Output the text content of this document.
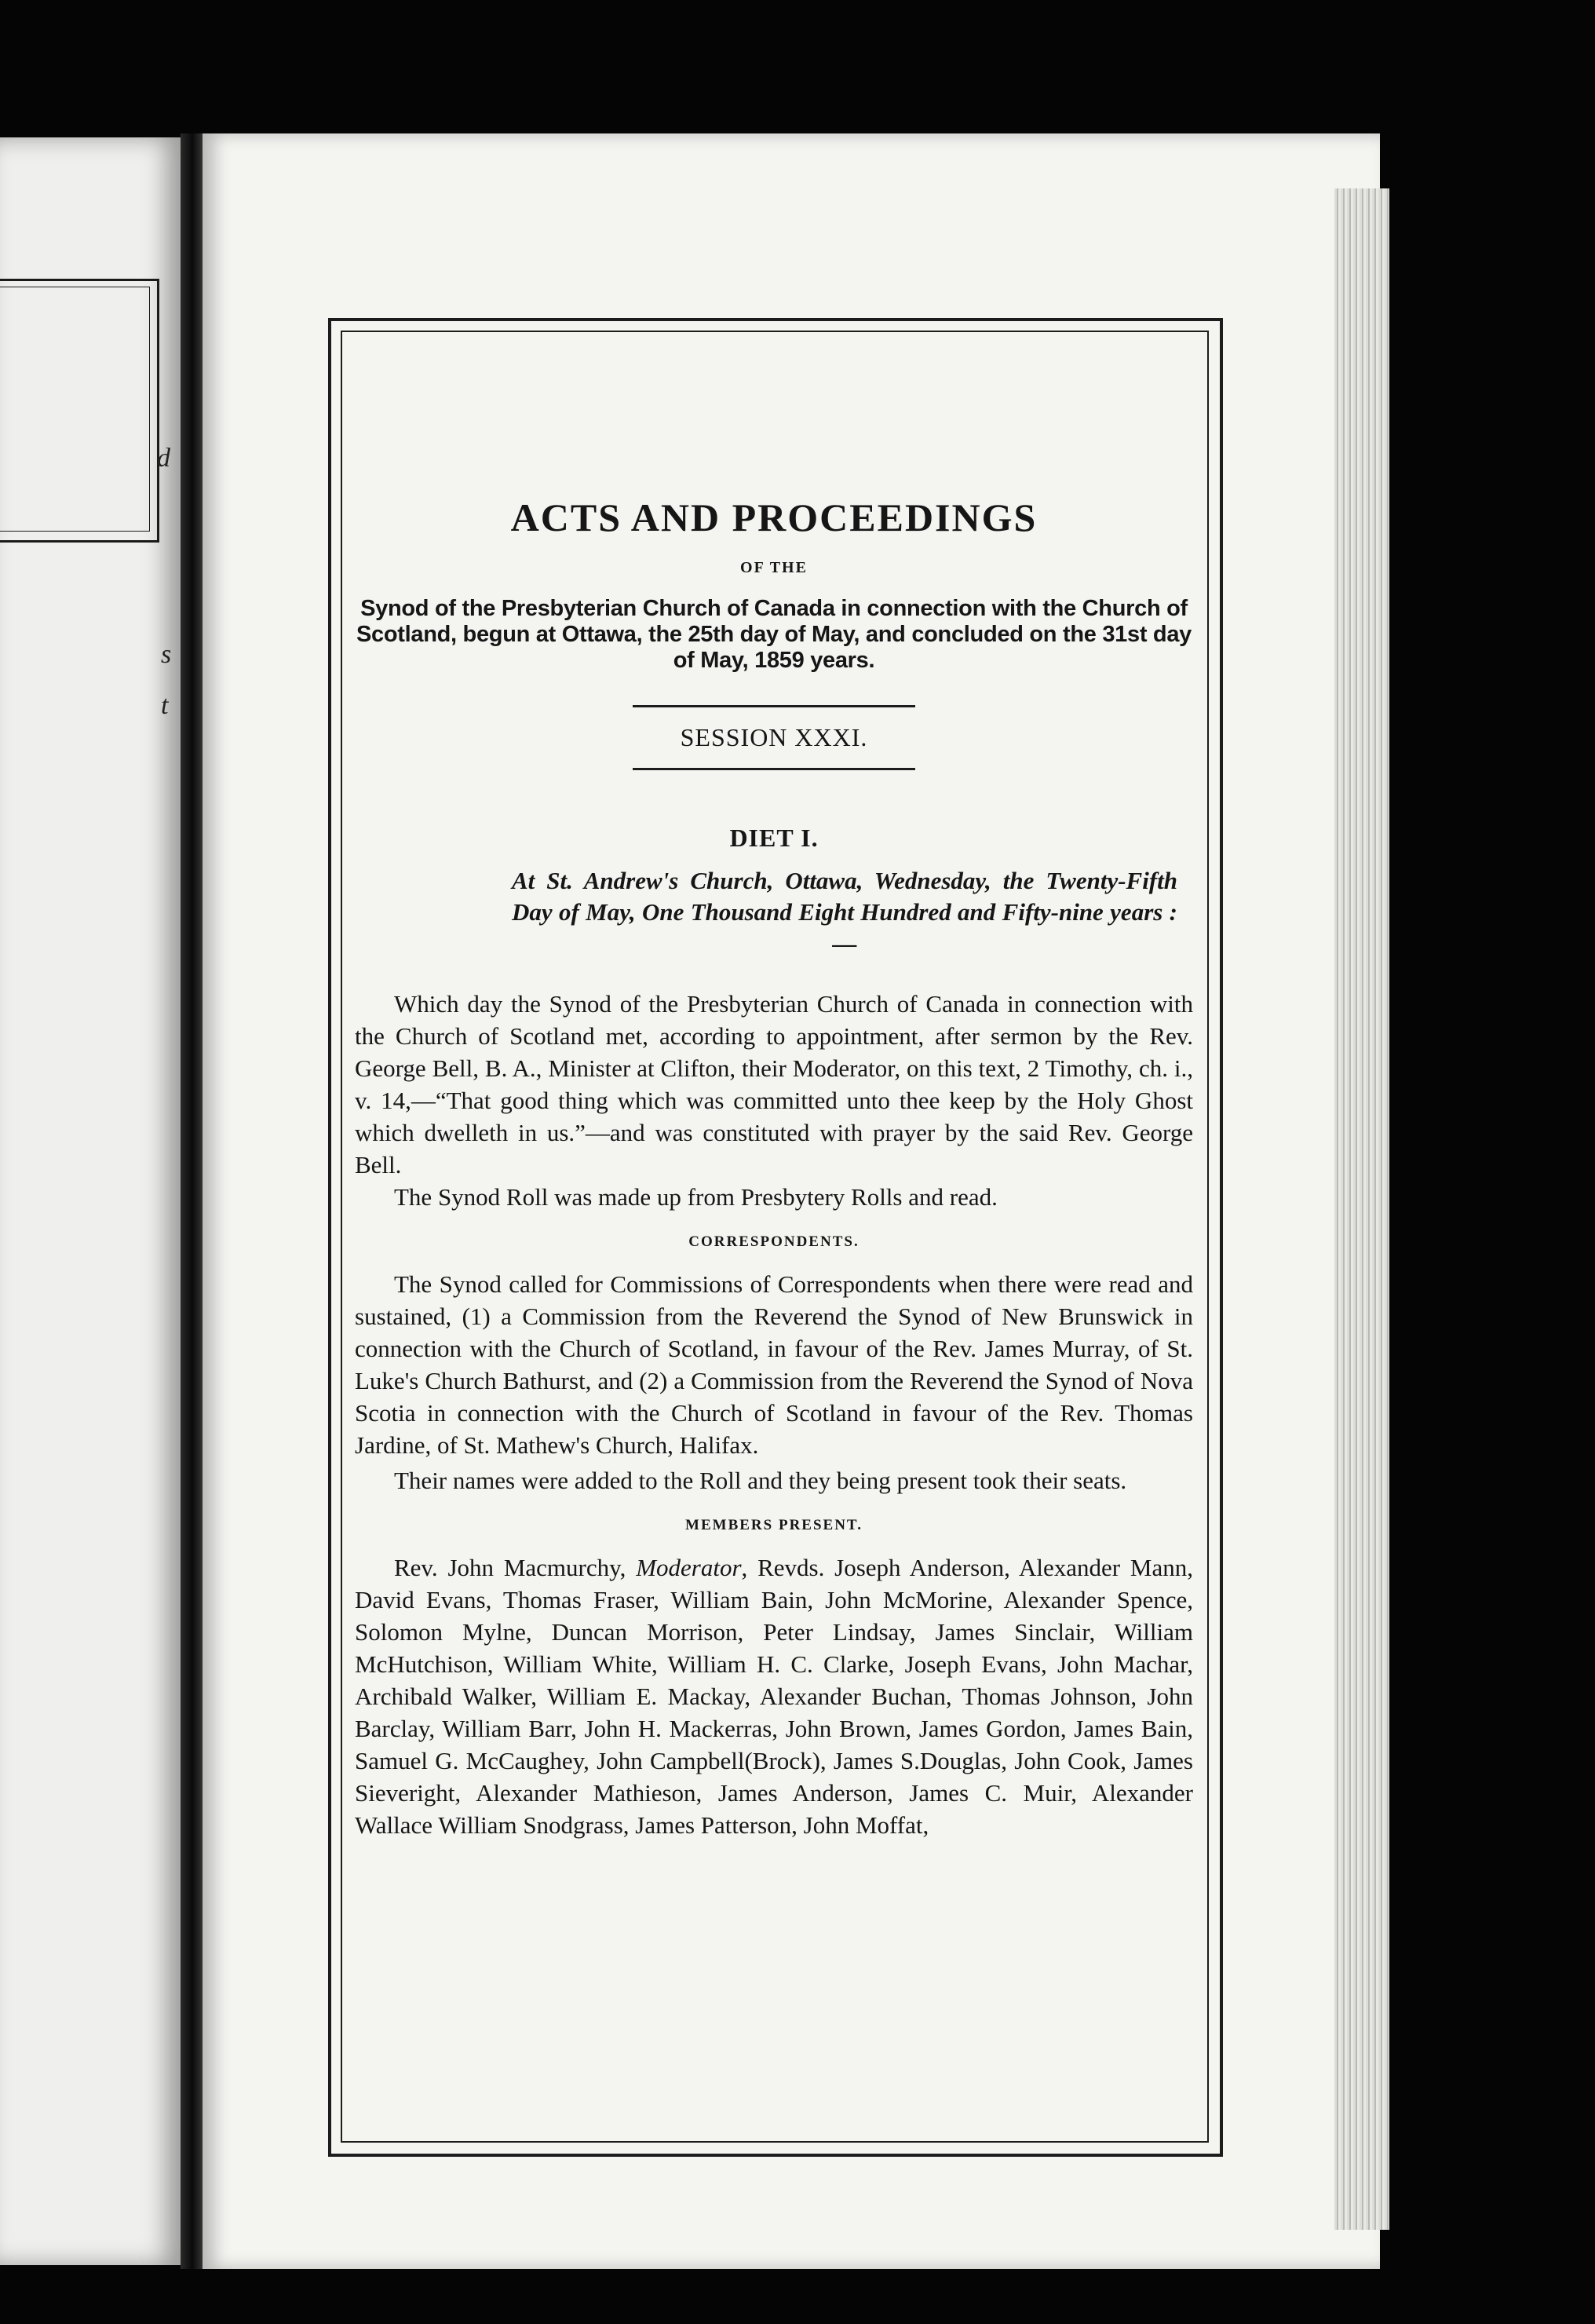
d
s
t
ACTS AND PROCEEDINGS
OF THE
Synod of the Presbyterian Church of Canada in connection with the Church of Scotland, begun at Ottawa, the 25th day of May, and concluded on the 31st day of May, 1859 years.
SESSION XXXI.
DIET I.
At St. Andrew's Church, Ottawa, Wednesday, the Twenty-Fifth Day of May, One Thousand Eight Hundred and Fifty-nine years :—

Which day the Synod of the Presbyterian Church of Canada in connection with the Church of Scotland met, according to appointment, after sermon by the Rev. George Bell, B. A., Minister at Clifton, their Moderator, on this text, 2 Timothy, ch. i., v. 14,—“That good thing which was committed unto thee keep by the Holy Ghost which dwelleth in us.”—and was constituted with prayer by the said Rev. George Bell.

The Synod Roll was made up from Presbytery Rolls and read.

CORRESPONDENTS.

The Synod called for Commissions of Correspondents when there were read and sustained, (1) a Commission from the Reverend the Synod of New Brunswick in connection with the Church of Scotland, in favour of the Rev. James Murray, of St. Luke's Church Bathurst, and (2) a Commission from the Reverend the Synod of Nova Scotia in connection with the Church of Scotland in favour of the Rev. Thomas Jardine, of St. Mathew's Church, Halifax.

Their names were added to the Roll and they being present took their seats.

MEMBERS PRESENT.

Rev. John Macmurchy, Moderator, Revds. Joseph Anderson, Alexander Mann, David Evans, Thomas Fraser, William Bain, John McMorine, Alexander Spence, Solomon Mylne, Duncan Morrison, Peter Lindsay, James Sinclair, William McHutchison, William White, William H. C. Clarke, Joseph Evans, John Machar, Archibald Walker, William E. Mackay, Alexander Buchan, Thomas Johnson, John Barclay, William Barr, John H. Mackerras, John Brown, James Gordon, James Bain, Samuel G. McCaughey, John Campbell(Brock), James S.Douglas, John Cook, James Sieveright, Alexander Mathieson, James Anderson, James C. Muir, Alexander Wallace William Snodgrass, James Patterson, John Moffat,
